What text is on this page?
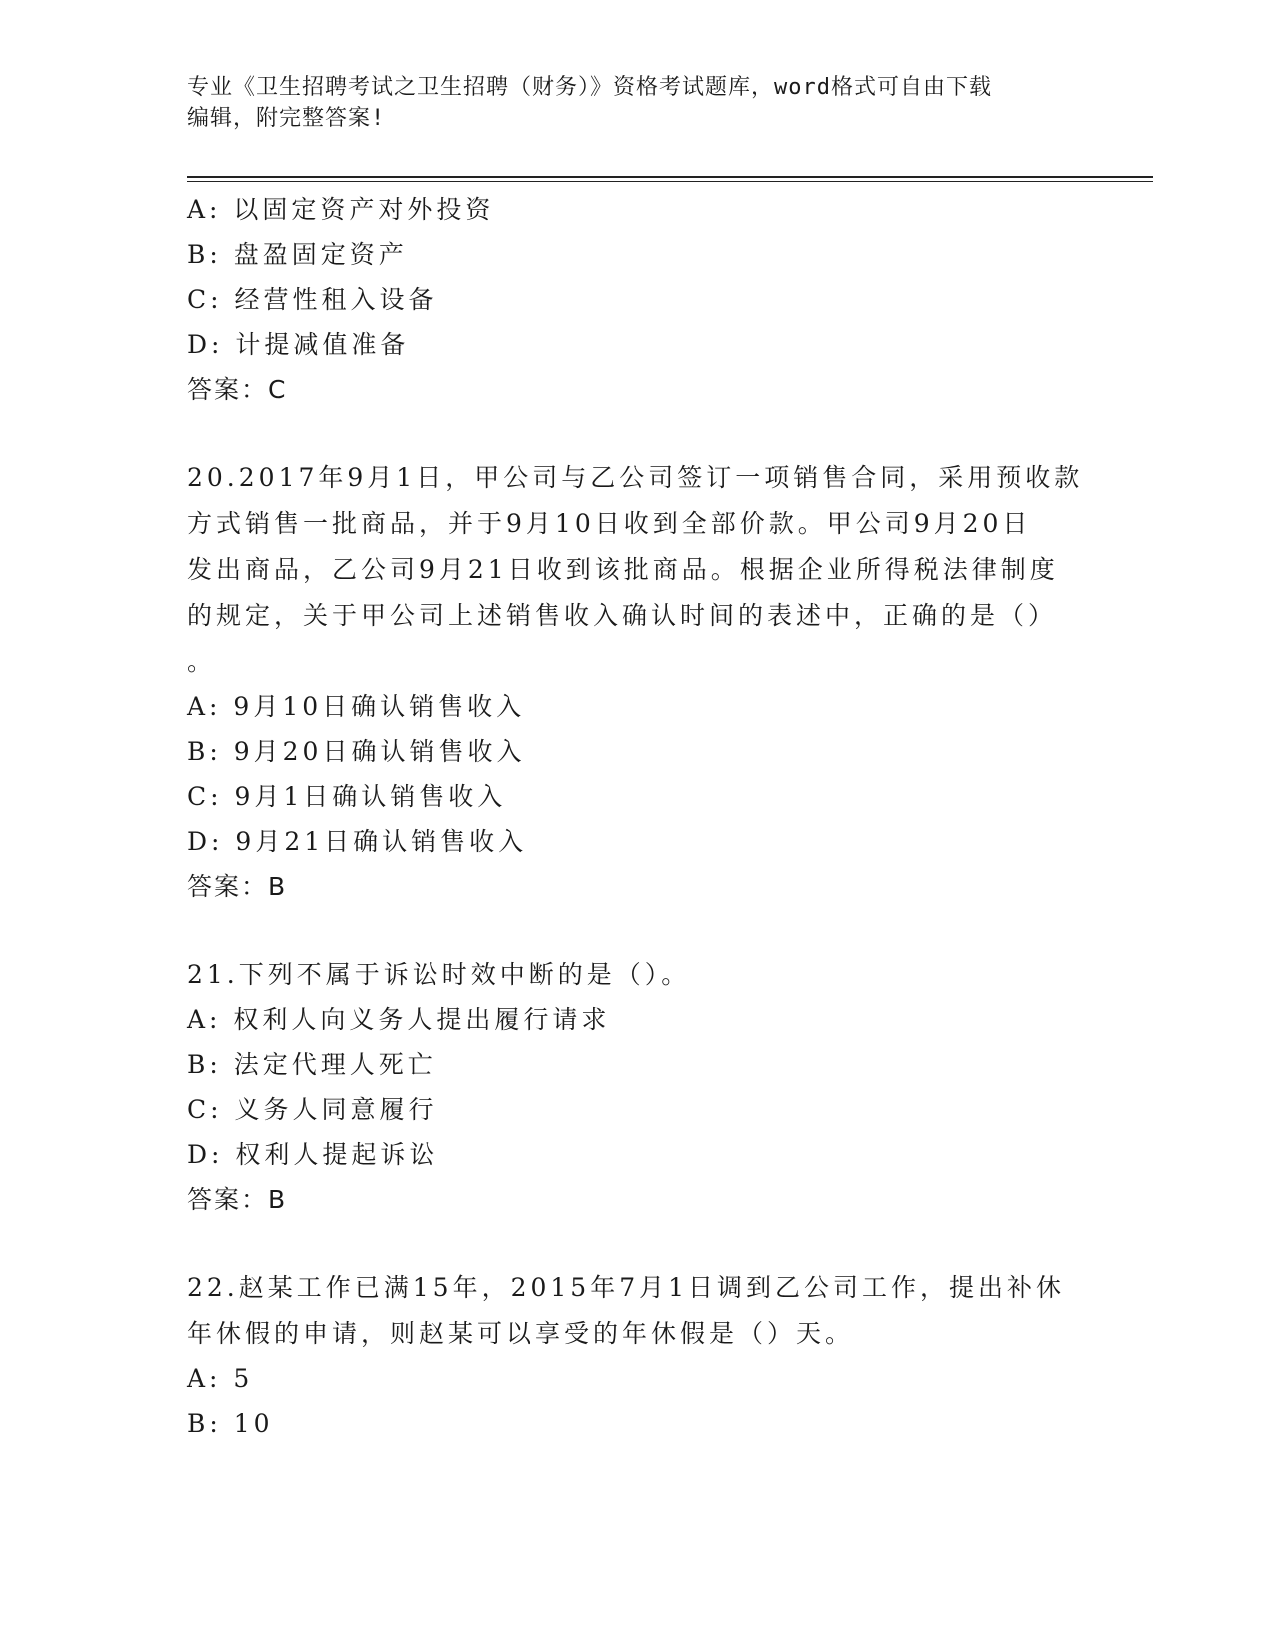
专业《卫生招聘考试之卫生招聘（财务）》资格考试题库，word格式可自由下载
编辑，附完整答案!
A: 以固定资产对外投资
B: 盘盈固定资产
C: 经营性租入设备
D: 计提减值准备
答案：C
20.2017年9月1日，甲公司与乙公司签订一项销售合同，采用预收款
方式销售一批商品，并于9月10日收到全部价款。甲公司9月20日
发出商品，乙公司9月21日收到该批商品。根据企业所得税法律制度
的规定，关于甲公司上述销售收入确认时间的表述中，正确的是（）
。
A: 9月10日确认销售收入
B: 9月20日确认销售收入
C: 9月1日确认销售收入
D: 9月21日确认销售收入
答案：B
21.下列不属于诉讼时效中断的是（）。
A: 权利人向义务人提出履行请求
B: 法定代理人死亡
C: 义务人同意履行
D: 权利人提起诉讼
答案：B
22.赵某工作已满15年，2015年7月1日调到乙公司工作，提出补休
年休假的申请，则赵某可以享受的年休假是（）天。
A: 5
B: 10
